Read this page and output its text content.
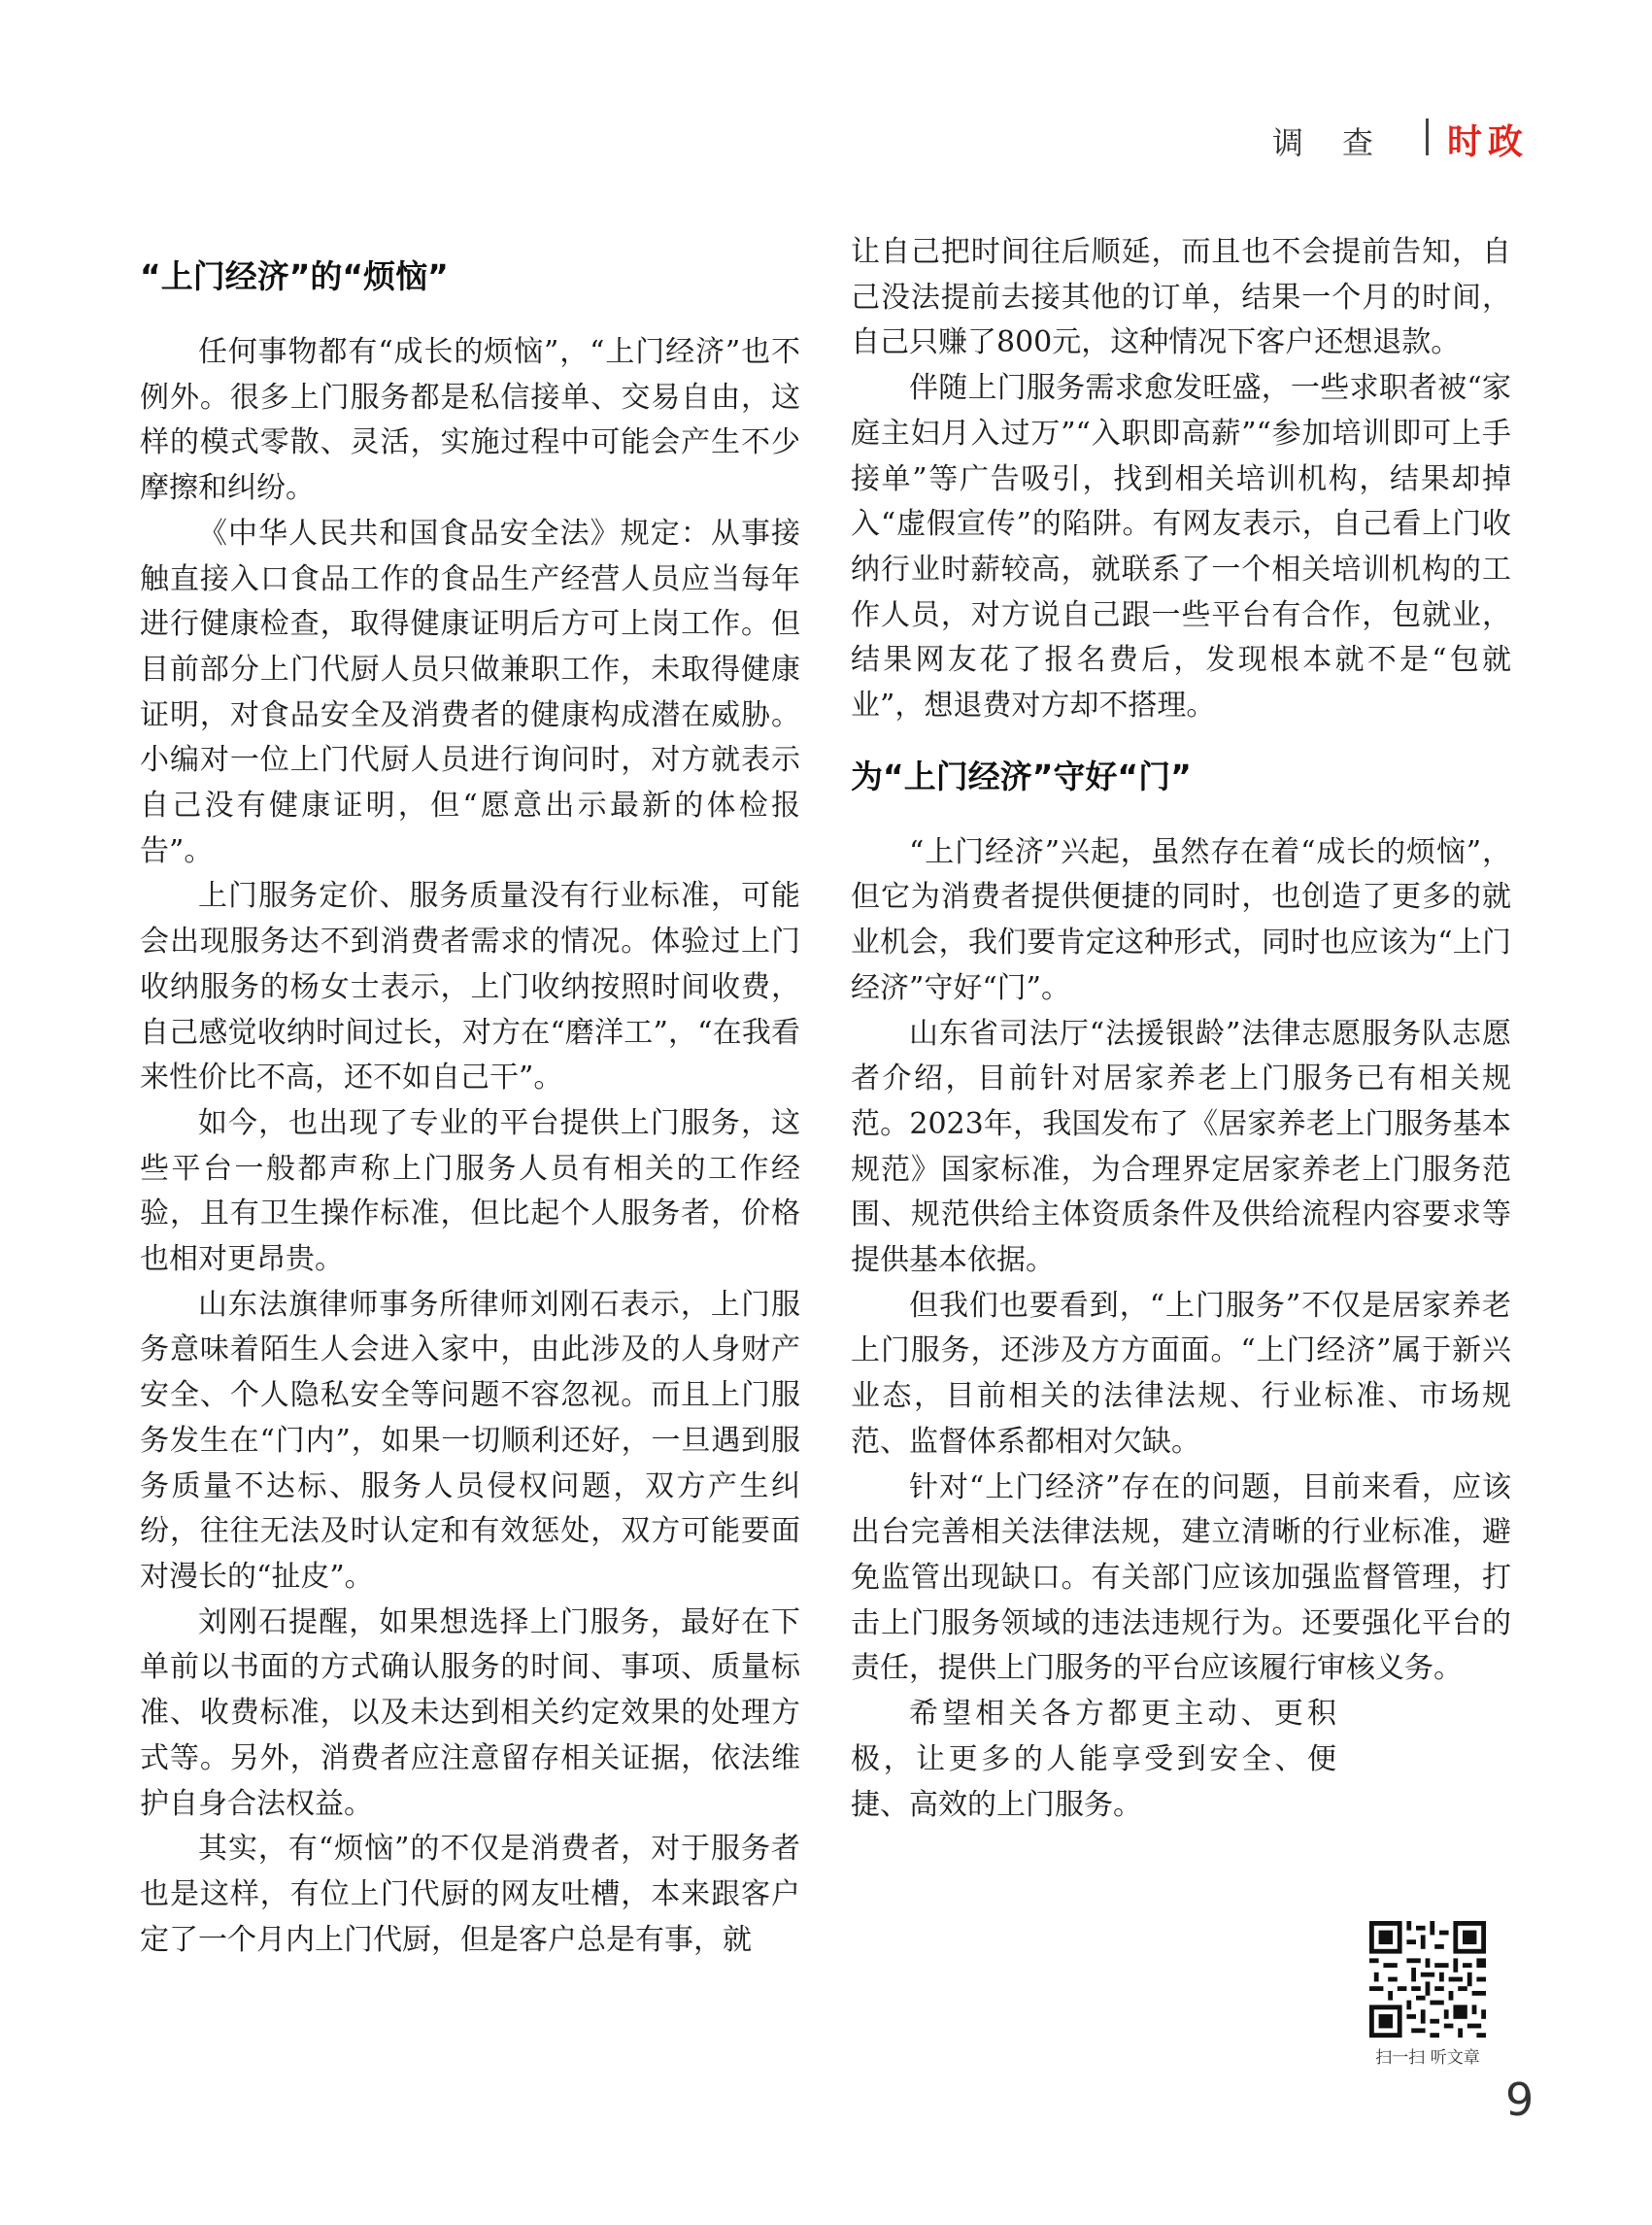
调查 时政
“上门经济”的“烦恼”

任何事物都有“成长的烦恼”，“上门经济”也不例外。很多上门服务都是私信接单、交易自由，这样的模式零散、灵活，实施过程中可能会产生不少摩擦和纠纷。

《中华人民共和国食品安全法》规定：从事接触直接入口食品工作的食品生产经营人员应当每年进行健康检查，取得健康证明后方可上岗工作。但目前部分上门代厨人员只做兼职工作，未取得健康证明，对食品安全及消费者的健康构成潜在威胁。小编对一位上门代厨人员进行询问时，对方就表示自己没有健康证明，但“愿意出示最新的体检报告”。

上门服务定价、服务质量没有行业标准，可能会出现服务达不到消费者需求的情况。体验过上门收纳服务的杨女士表示，上门收纳按照时间收费，自己感觉收纳时间过长，对方在“磨洋工”，“在我看来性价比不高，还不如自己干”。

如今，也出现了专业的平台提供上门服务，这些平台一般都声称上门服务人员有相关的工作经验，且有卫生操作标准，但比起个人服务者，价格也相对更昂贵。

山东法旗律师事务所律师刘刚石表示，上门服务意味着陌生人会进入家中，由此涉及的人身财产安全、个人隐私安全等问题不容忽视。而且上门服务发生在“门内”，如果一切顺利还好，一旦遇到服务质量不达标、服务人员侵权问题，双方产生纠纷，往往无法及时认定和有效惩处，双方可能要面对漫长的“扯皮”。

刘刚石提醒，如果想选择上门服务，最好在下单前以书面的方式确认服务的时间、事项、质量标准、收费标准，以及未达到相关约定效果的处理方式等。另外，消费者应注意留存相关证据，依法维护自身合法权益。

其实，有“烦恼”的不仅是消费者，对于服务者也是这样，有位上门代厨的网友吐槽，本来跟客户定了一个月内上门代厨，但是客户总是有事，就

让自己把时间往后顺延，而且也不会提前告知，自己没法提前去接其他的订单，结果一个月的时间，自己只赚了800元，这种情况下客户还想退款。

伴随上门服务需求愈发旺盛，一些求职者被“家庭主妇月入过万”“入职即高薪”“参加培训即可上手接单”等广告吸引，找到相关培训机构，结果却掉入“虚假宣传”的陷阱。有网友表示，自己看上门收纳行业时薪较高，就联系了一个相关培训机构的工作人员，对方说自己跟一些平台有合作，包就业，结果网友花了报名费后，发现根本就不是“包就业”，想退费对方却不搭理。

为“上门经济”守好“门”

“上门经济”兴起，虽然存在着“成长的烦恼”，但它为消费者提供便捷的同时，也创造了更多的就业机会，我们要肯定这种形式，同时也应该为“上门经济”守好“门”。

山东省司法厅“法援银龄”法律志愿服务队志愿者介绍，目前针对居家养老上门服务已有相关规范。2023年，我国发布了《居家养老上门服务基本规范》国家标准，为合理界定居家养老上门服务范围、规范供给主体资质条件及供给流程内容要求等提供基本依据。

但我们也要看到，“上门服务”不仅是居家养老上门服务，还涉及方方面面。“上门经济”属于新兴业态，目前相关的法律法规、行业标准、市场规范、监督体系都相对欠缺。

针对“上门经济”存在的问题，目前来看，应该出台完善相关法律法规，建立清晰的行业标准，避免监管出现缺口。有关部门应该加强监督管理，打击上门服务领域的违法违规行为。还要强化平台的责任，提供上门服务的平台应该履行审核义务。

希望相关各方都更主动、更积极，让更多的人能享受到安全、便捷、高效的上门服务。

扫一扫 听文章
9
